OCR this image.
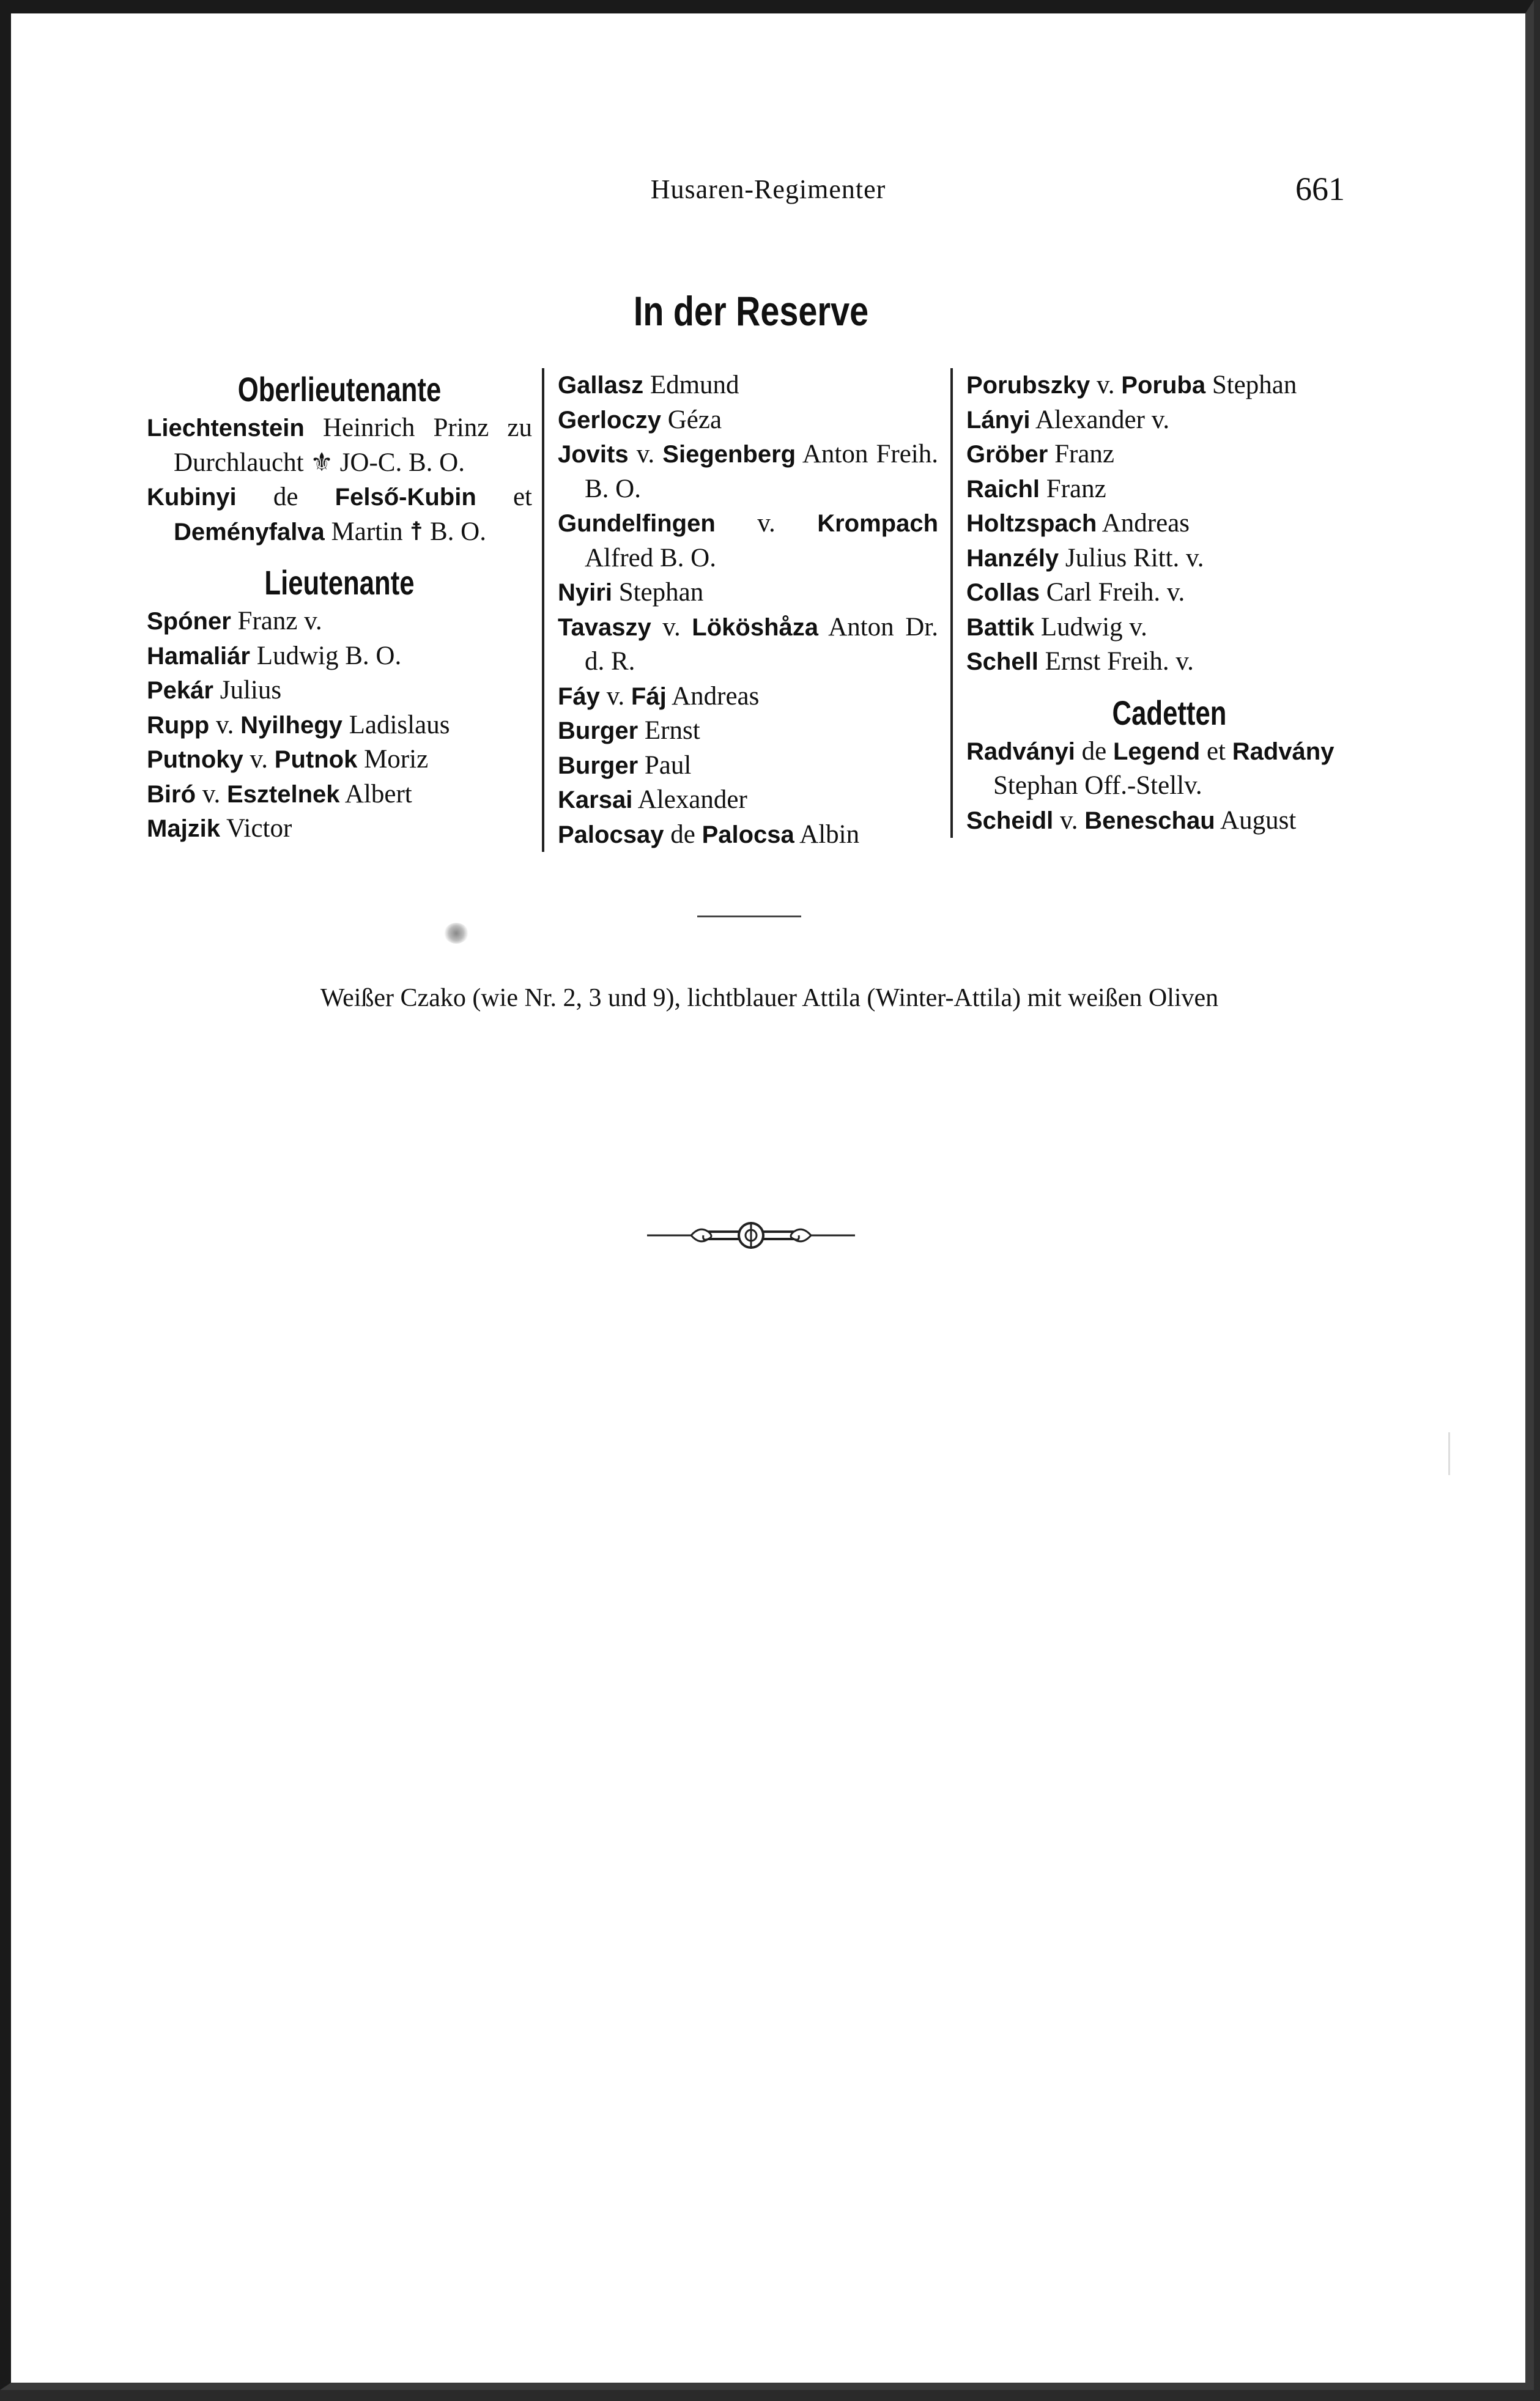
Husaren-Regimenter	661
In der Reserve
Oberlieutenante
Liechtenstein Heinrich Prinz zu Durchlaucht ⚜ JO-C. B. O.
Kubinyi de Felső-Kubin et Deményfalva Martin ☨ B. O.
Lieutenante
Spóner Franz v.
Hamaliár Ludwig B. O.
Pekár Julius
Rupp v. Nyilhegy Ladislaus
Putnoky v. Putnok Moriz
Biró v. Esztelnek Albert
Majzik Victor
Gallasz Edmund
Gerloczy Géza
Jovits v. Siegenberg Anton Freih. B. O.
Gundelfingen v. Krompach Alfred B. O.
Nyiri Stephan
Tavaszy v. Lököshåza Anton Dr. d. R.
Fáy v. Fáj Andreas
Burger Ernst
Burger Paul
Karsai Alexander
Palocsay de Palocsa Albin
Porubszky v. Poruba Stephan
Lányi Alexander v.
Gröber Franz
Raichl Franz
Holtzspach Andreas
Hanzély Julius Ritt. v.
Collas Carl Freih. v.
Battik Ludwig v.
Schell Ernst Freih. v.
Cadetten
Radványi de Legend et Radvány Stephan Off.-Stellv.
Scheidl v. Beneschau August
Weißer Czako (wie Nr. 2, 3 und 9), lichtblauer Attila (Winter-Attila) mit weißen Oliven
